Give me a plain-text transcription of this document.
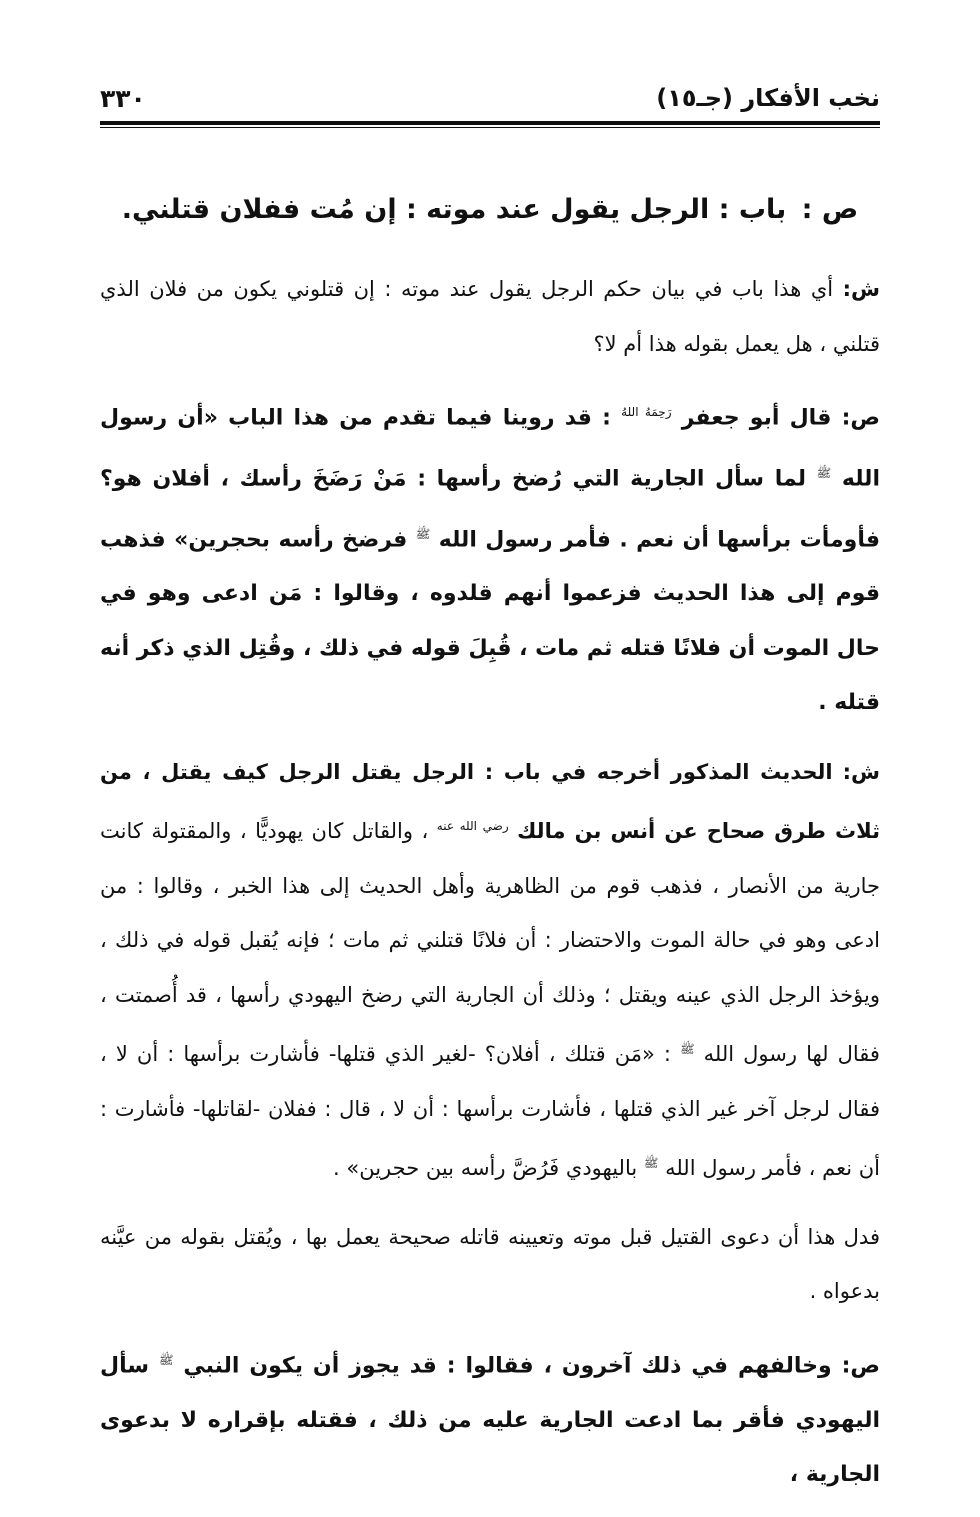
نخب الأفكار (جـ١٥)
٣٣٠
ص : باب : الرجل يقول عند موته : إن مُت ففلان قتلني.

ش: أي هذا باب في بيان حكم الرجل يقول عند موته : إن قتلوني يكون من فلان الذي قتلني ، هل يعمل بقوله هذا أم لا؟

ص: قال أبو جعفر $^{رَحِمَهُ اللهُ}$ : قد روينا فيما تقدم من هذا الباب «أن رسول الله $^ﷺ$ لما سأل الجارية التي رُضخ رأسها : مَنْ رَضَخَ رأسك ، أفلان هو؟ فأومأت برأسها أن نعم . فأمر رسول الله $^ﷺ$ فرضخ رأسه بحجرين» فذهب قوم إلى هذا الحديث فزعموا أنهم قلدوه ، وقالوا : مَن ادعى وهو في حال الموت أن فلانًا قتله ثم مات ، قُبِلَ قوله في ذلك ، وقُتِل الذي ذكر أنه قتله .

ش: الحديث المذكور أخرجه في باب : الرجل يقتل الرجل كيف يقتل ، من ثلاث طرق صحاح عن أنس بن مالك $^{رضي الله عنه}$ ، والقاتل كان يهوديًّا ، والمقتولة كانت جارية من الأنصار ، فذهب قوم من الظاهرية وأهل الحديث إلى هذا الخبر ، وقالوا : من ادعى وهو في حالة الموت والاحتضار : أن فلانًا قتلني ثم مات ؛ فإنه يُقبل قوله في ذلك ، ويؤخذ الرجل الذي عينه ويقتل ؛ وذلك أن الجارية التي رضخ اليهودي رأسها ، قد أُصمتت ، فقال لها رسول الله $^ﷺ$ : «مَن قتلك ، أفلان؟ -لغير الذي قتلها- فأشارت برأسها : أن لا ، فقال لرجل آخر غير الذي قتلها ، فأشارت برأسها : أن لا ، قال : ففلان -لقاتلها- فأشارت : أن نعم ، فأمر رسول الله $^ﷺ$ باليهودي فَرُضَّ رأسه بين حجرين» .

فدل هذا أن دعوى القتيل قبل موته وتعيينه قاتله صحيحة يعمل بها ، ويُقتل بقوله من عيَّنه بدعواه .

ص: وخالفهم في ذلك آخرون ، فقالوا : قد يجوز أن يكون النبي $^ﷺ$ سأل اليهودي فأقر بما ادعت الجارية عليه من ذلك ، فقتله بإقراره لا بدعوى الجارية ،
